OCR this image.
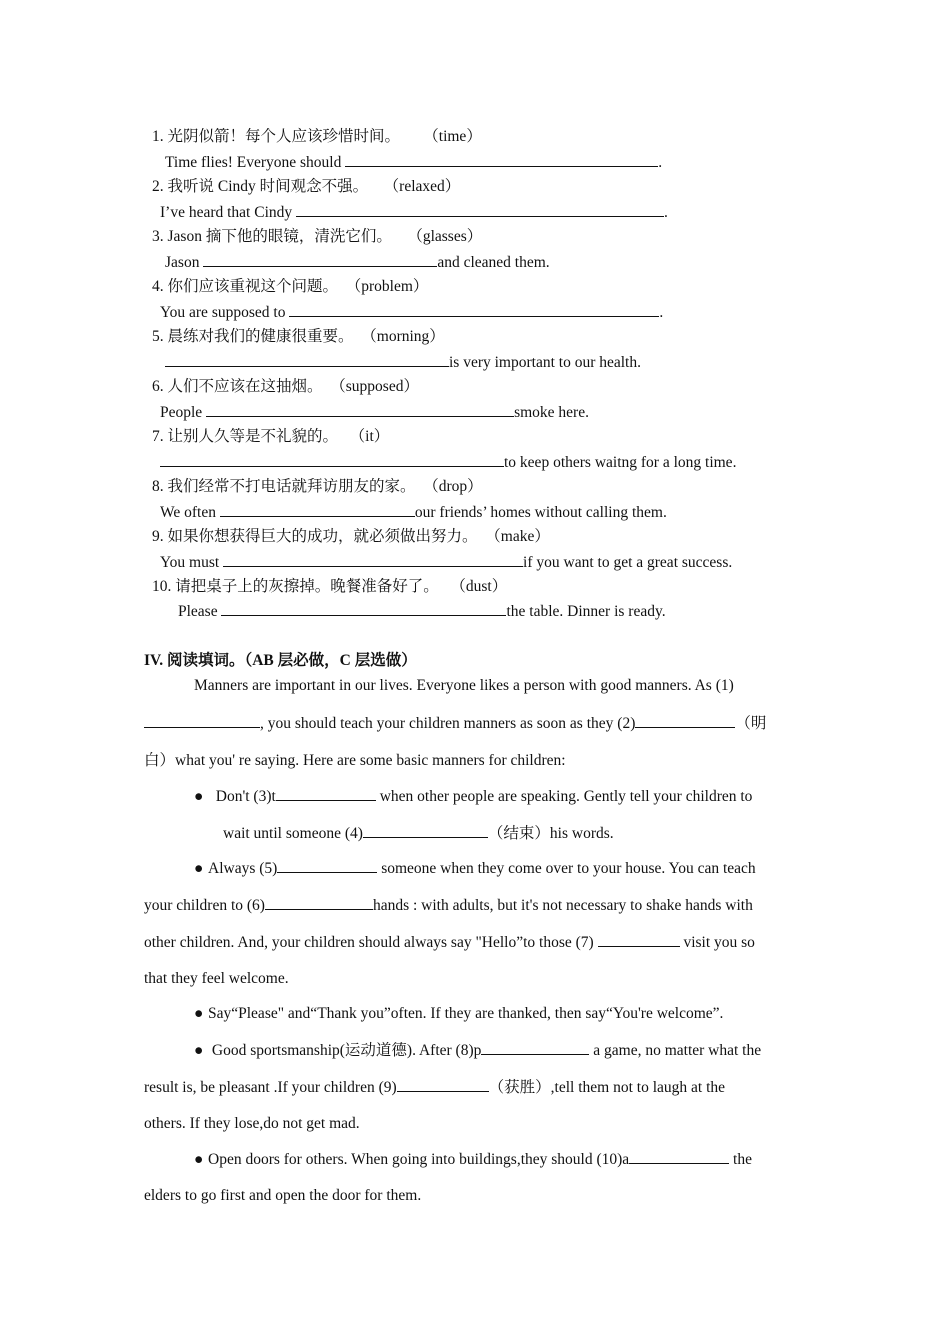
1. 光阴似箭！每个人应该珍惜时间。 （time）
Time flies! Everyone should	.
2. 我听说 Cindy 时间观念不强。 （relaxed）
I’ve heard that Cindy	.
3. Jason 摘下他的眼镜，清洗它们。 （glasses）
Jason	and cleaned them.
4. 你们应该重视这个问题。 （problem）
You are supposed to	.
5. 晨练对我们的健康很重要。 （morning）
is very important to our health.
6. 人们不应该在这抽烟。 （supposed）
People	smoke here.
7. 让别人久等是不礼貌的。 （it）
to keep others waitng for a long time.
8. 我们经常不打电话就拜访朋友的家。 （drop）
We often	our friends’ homes without calling them.
9. 如果你想获得巨大的成功，就必须做出努力。 （make）
You must	if you want to get a great success.
10. 请把桌子上的灰擦掉。晚餐准备好了。 （dust）
Please	the table. Dinner is ready.
IV. 阅读填词。（AB 层必做，C 层选做）
Manners are important in our lives. Everyone likes a person with good manners. As (1)
, you should teach your children manners as soon as they (2)	（明
白）what you' re saying. Here are some basic manners for children:
● Don't (3)t	when other people are speaking. Gently tell your children to
wait until someone (4)	（结束）his words.
● Always (5)	someone when they come over to your house. You can teach
your children to (6)	hands : with adults, but it's not necessary to shake hands with
other children. And, your children should always say "Hello”to those (7)	visit you so
that they feel welcome.
● Say“Please" and“Thank you”often. If they are thanked, then say“You're welcome”.
● Good sportsmanship(运动道德). After (8)p	a game, no matter what the
result is, be pleasant .If your children (9)	（获胜）,tell them not to laugh at the
others. If they lose,do not get mad.
● Open doors for others. When going into buildings,they should (10)a	the
elders to go first and open the door for them.
